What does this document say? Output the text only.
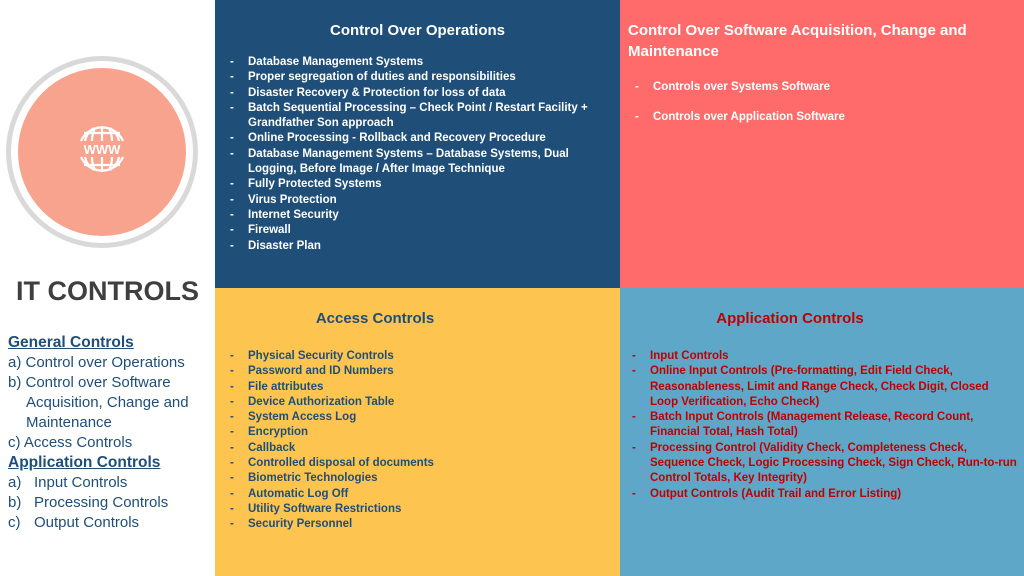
WWW
IT CONTROLS
General Controls
a) Control over Operations
b) Control over Software
Acquisition, Change and
Maintenance
c) Access Controls
Application Controls
a) Input Controls
b) Processing Controls
c) Output Controls
Control Over Operations
- Database Management Systems
- Proper segregation of duties and responsibilities
- Disaster Recovery & Protection for loss of data
- Batch Sequential Processing – Check Point / Restart Facility + Grandfather Son approach
- Online Processing - Rollback and Recovery Procedure
- Database Management Systems – Database Systems, Dual Logging, Before Image / After Image Technique
- Fully Protected Systems
- Virus Protection
- Internet Security
- Firewall
- Disaster Plan
Control Over Software Acquisition, Change and Maintenance
- Controls over Systems Software
- Controls over Application Software
Access Controls
- Physical Security Controls
- Password and ID Numbers
- File attributes
- Device Authorization Table
- System Access Log
- Encryption
- Callback
- Controlled disposal of documents
- Biometric Technologies
- Automatic Log Off
- Utility Software Restrictions
- Security Personnel
Application Controls
- Input Controls
- Online Input Controls (Pre-formatting, Edit Field Check, Reasonableness, Limit and Range Check, Check Digit, Closed Loop Verification, Echo Check)
- Batch Input Controls (Management Release, Record Count, Financial Total, Hash Total)
- Processing Control (Validity Check, Completeness Check, Sequence Check, Logic Processing Check, Sign Check, Run-to-run Control Totals, Key Integrity)
- Output Controls (Audit Trail and Error Listing)
